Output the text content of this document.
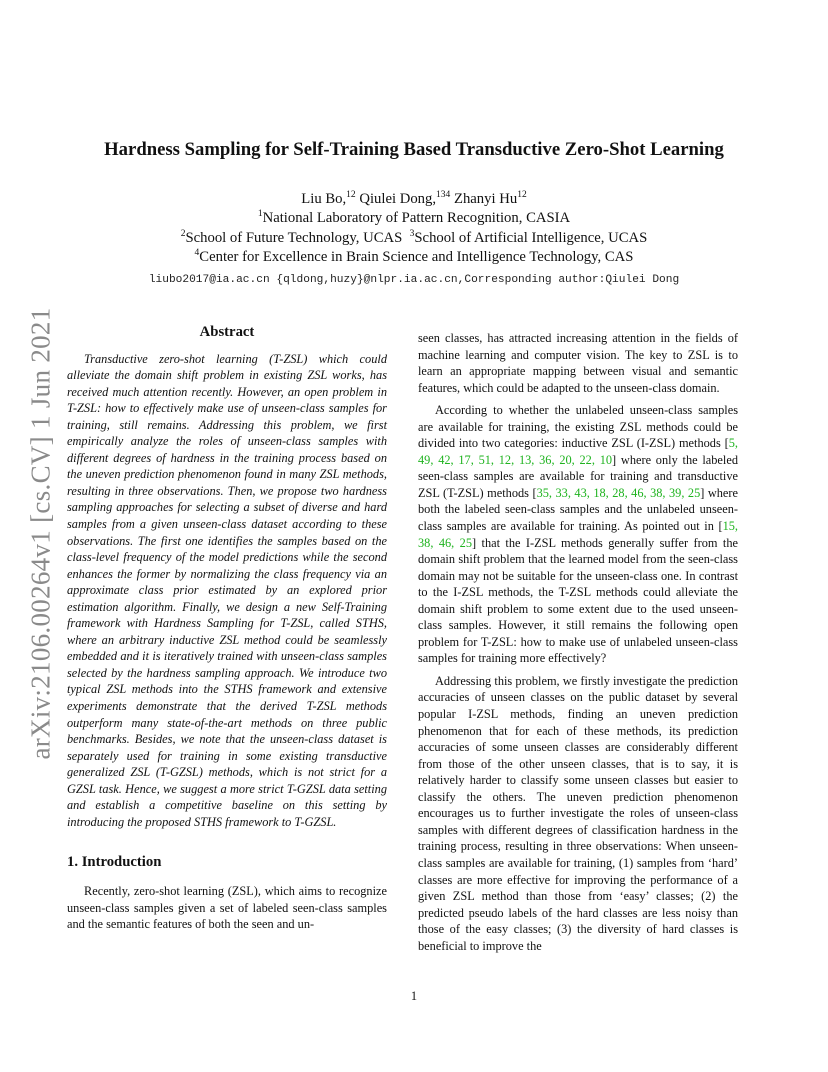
arXiv:2106.00264v1 [cs.CV] 1 Jun 2021
Hardness Sampling for Self-Training Based Transductive Zero-Shot Learning
Liu Bo,$^{12}$ Qiulei Dong,$^{134}$ Zhanyi Hu$^{12}$
$^1$National Laboratory of Pattern Recognition, CASIA
$^2$School of Future Technology, UCAS $^3$School of Artificial Intelligence, UCAS
$^4$Center for Excellence in Brain Science and Intelligence Technology, CAS
liubo2017@ia.ac.cn {qldong,huzy}@nlpr.ia.ac.cn,Corresponding author:Qiulei Dong
Abstract

Transductive zero-shot learning (T-ZSL) which could alleviate the domain shift problem in existing ZSL works, has received much attention recently. However, an open problem in T-ZSL: how to effectively make use of unseen-class samples for training, still remains. Addressing this problem, we first empirically analyze the roles of unseen-class samples with different degrees of hardness in the training process based on the uneven prediction phenomenon found in many ZSL methods, resulting in three observations. Then, we propose two hardness sampling approaches for selecting a subset of diverse and hard samples from a given unseen-class dataset according to these observations. The first one identifies the samples based on the class-level frequency of the model predictions while the second enhances the former by normalizing the class frequency via an approximate class prior estimated by an explored prior estimation algorithm. Finally, we design a new Self-Training framework with Hardness Sampling for T-ZSL, called STHS, where an arbitrary inductive ZSL method could be seamlessly embedded and it is iteratively trained with unseen-class samples selected by the hardness sampling approach. We introduce two typical ZSL methods into the STHS framework and extensive experiments demonstrate that the derived T-ZSL methods outperform many state-of-the-art methods on three public benchmarks. Besides, we note that the unseen-class dataset is separately used for training in some existing transductive generalized ZSL (T-GZSL) methods, which is not strict for a GZSL task. Hence, we suggest a more strict T-GZSL data setting and establish a competitive baseline on this setting by introducing the proposed STHS framework to T-GZSL.

1. Introduction

Recently, zero-shot learning (ZSL), which aims to recognize unseen-class samples given a set of labeled seen-class samples and the semantic features of both the seen and un-

seen classes, has attracted increasing attention in the fields of machine learning and computer vision. The key to ZSL is to learn an appropriate mapping between visual and semantic features, which could be adapted to the unseen-class domain.

According to whether the unlabeled unseen-class samples are available for training, the existing ZSL methods could be divided into two categories: inductive ZSL (I-ZSL) methods [5, 49, 42, 17, 51, 12, 13, 36, 20, 22, 10] where only the labeled seen-class samples are available for training and transductive ZSL (T-ZSL) methods [35, 33, 43, 18, 28, 46, 38, 39, 25] where both the labeled seen-class samples and the unlabeled unseen-class samples are available for training. As pointed out in [15, 38, 46, 25] that the I-ZSL methods generally suffer from the domain shift problem that the learned model from the seen-class domain may not be suitable for the unseen-class one. In contrast to the I-ZSL methods, the T-ZSL methods could alleviate the domain shift problem to some extent due to the used unseen-class samples. However, it still remains the following open problem for T-ZSL: how to make use of unlabeled unseen-class samples for training more effectively?

Addressing this problem, we firstly investigate the prediction accuracies of unseen classes on the public dataset by several popular I-ZSL methods, finding an uneven prediction phenomenon that for each of these methods, its prediction accuracies of some unseen classes are considerably different from those of the other unseen classes, that is to say, it is relatively harder to classify some unseen classes but easier to classify the others. The uneven prediction phenomenon encourages us to further investigate the roles of unseen-class samples with different degrees of classification hardness in the training process, resulting in three observations: When unseen-class samples are available for training, (1) samples from ‘hard’ classes are more effective for improving the performance of a given ZSL method than those from ‘easy’ classes; (2) the predicted pseudo labels of the hard classes are less noisy than those of the easy classes; (3) the diversity of hard classes is beneficial to improve the

1
